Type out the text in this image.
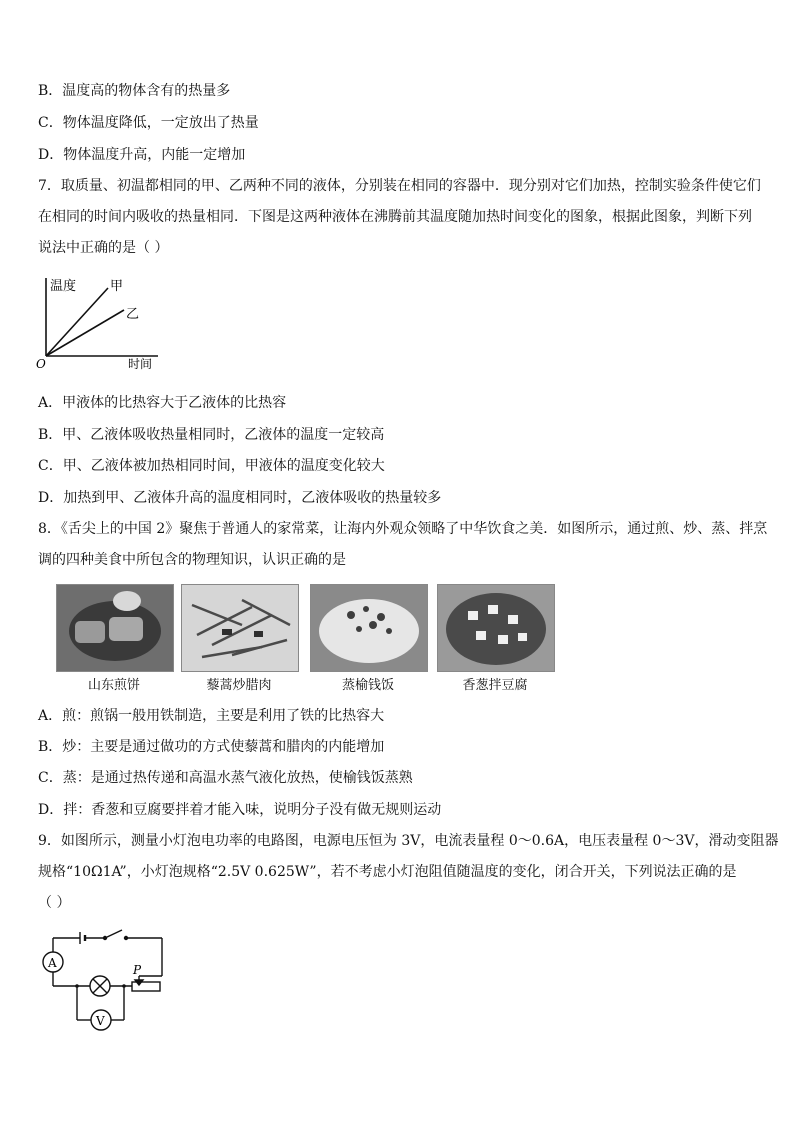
B．温度高的物体含有的热量多
C．物体温度降低，一定放出了热量
D．物体温度升高，内能一定增加
7．取质量、初温都相同的甲、乙两种不同的液体，分别装在相同的容器中．现分别对它们加热，控制实验条件使它们
在相同的时间内吸收的热量相同．下图是这两种液体在沸腾前其温度随加热时间变化的图象，根据此图象，判断下列
说法中正确的是（ ）
温度	甲
乙
O	时间
A．甲液体的比热容大于乙液体的比热容
B．甲、乙液体吸收热量相同时，乙液体的温度一定较高
C．甲、乙液体被加热相同时间，甲液体的温度变化较大
D．加热到甲、乙液体升高的温度相同时，乙液体吸收的热量较多
8．《舌尖上的中国 2》聚焦于普通人的家常菜，让海内外观众领略了中华饮食之美．如图所示，通过煎、炒、蒸、拌烹
调的四种美食中所包含的物理知识，认识正确的是
山东煎饼	藜蒿炒腊肉	蒸榆钱饭	香葱拌豆腐
A．煎：煎锅一般用铁制造，主要是利用了铁的比热容大
B．炒：主要是通过做功的方式使藜蒿和腊肉的内能增加
C．蒸：是通过热传递和高温水蒸气液化放热，使榆钱饭蒸熟
D．拌：香葱和豆腐要拌着才能入味，说明分子没有做无规则运动
9．如图所示，测量小灯泡电功率的电路图，电源电压恒为 3V，电流表量程 0～0.6A，电压表量程 0～3V，滑动变阻器
规格“10Ω1A”，小灯泡规格“2.5V 0.625W”，若不考虑小灯泡阻值随温度的变化，闭合开关，下列说法正确的是
（ ）
A
V
P
